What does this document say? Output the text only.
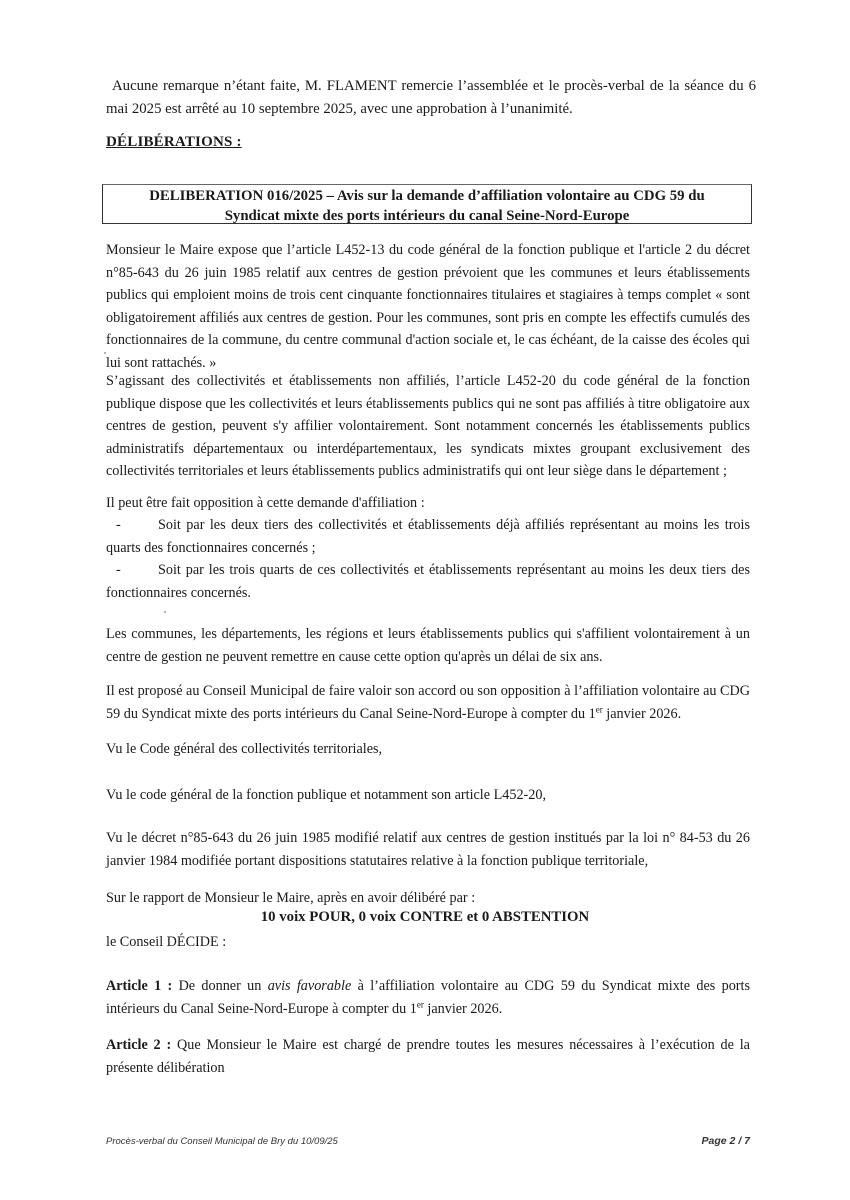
Aucune remarque n’étant faite, M. FLAMENT remercie l’assemblée et le procès-verbal de la séance du 6 mai 2025 est arrêté au 10 septembre 2025, avec une approbation à l’unanimité.

DÉLIBÉRATIONS :

DELIBERATION 016/2025 – Avis sur la demande d’affiliation volontaire au CDG 59 du
Syndicat mixte des ports intérieurs du canal Seine-Nord-Europe

Monsieur le Maire expose que l’article L452-13 du code général de la fonction publique et l'article 2 du décret n°85-643 du 26 juin 1985 relatif aux centres de gestion prévoient que les communes et leurs établissements publics qui emploient moins de trois cent cinquante fonctionnaires titulaires et stagiaires à temps complet « sont obligatoirement affiliés aux centres de gestion. Pour les communes, sont pris en compte les effectifs cumulés des fonctionnaires de la commune, du centre communal d'action sociale et, le cas échéant, de la caisse des écoles qui lui sont rattachés. »

S’agissant des collectivités et établissements non affiliés, l’article L452-20 du code général de la fonction publique dispose que les collectivités et leurs établissements publics qui ne sont pas affiliés à titre obligatoire aux centres de gestion, peuvent s'y affilier volontairement. Sont notamment concernés les établissements publics administratifs départementaux ou interdépartementaux, les syndicats mixtes groupant exclusivement des collectivités territoriales et leurs établissements publics administratifs qui ont leur siège dans le département ;

Il peut être fait opposition à cette demande d'affiliation :

-	Soit par les deux tiers des collectivités et établissements déjà affiliés représentant au moins les trois quarts des fonctionnaires concernés ;
-	Soit par les trois quarts de ces collectivités et établissements représentant au moins les deux tiers des fonctionnaires concernés.

Les communes, les départements, les régions et leurs établissements publics qui s'affilient volontairement à un centre de gestion ne peuvent remettre en cause cette option qu'après un délai de six ans.

Il est proposé au Conseil Municipal de faire valoir son accord ou son opposition à l’affiliation volontaire au CDG 59 du Syndicat mixte des ports intérieurs du Canal Seine-Nord-Europe à compter du 1er janvier 2026.

Vu le Code général des collectivités territoriales,

Vu le code général de la fonction publique et notamment son article L452-20,

Vu le décret n°85-643 du 26 juin 1985 modifié relatif aux centres de gestion institués par la loi n° 84-53 du 26 janvier 1984 modifiée portant dispositions statutaires relative à la fonction publique territoriale,

Sur le rapport de Monsieur le Maire, après en avoir délibéré par :

10 voix POUR, 0 voix CONTRE et 0 ABSTENTION

le Conseil DÉCIDE :

Article 1 : De donner un avis favorable à l’affiliation volontaire au CDG 59 du Syndicat mixte des ports intérieurs du Canal Seine-Nord-Europe à compter du 1er janvier 2026.

Article 2 : Que Monsieur le Maire est chargé de prendre toutes les mesures nécessaires à l’exécution de la présente délibération

Procès-verbal du Conseil Municipal de Bry du 10/09/25	Page 2 / 7
